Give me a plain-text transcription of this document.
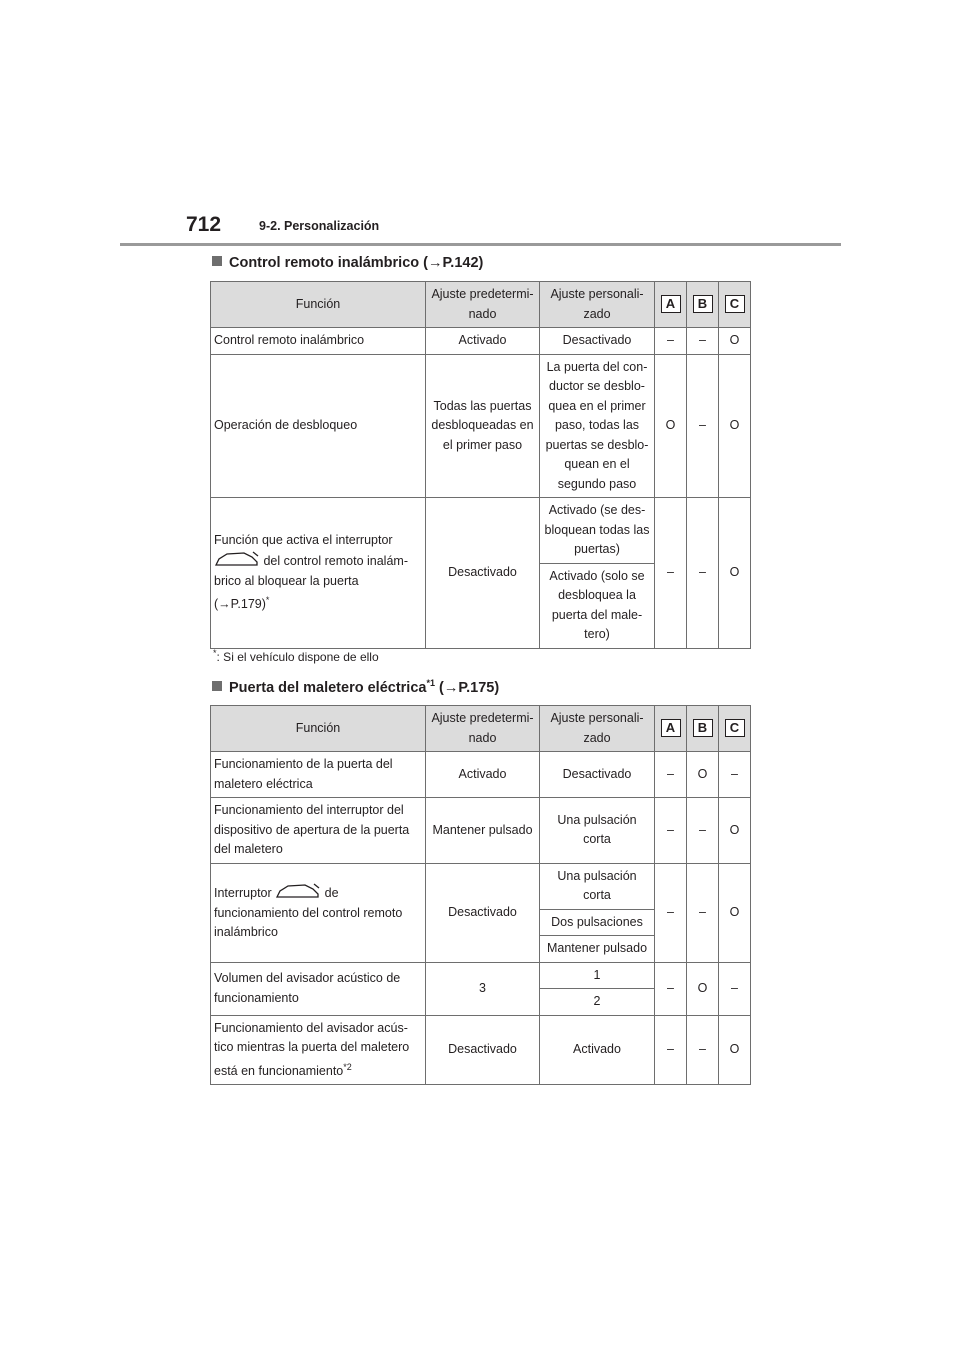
712	9-2. Personalización
Control remoto inalámbrico (→P.142)
Función	Ajuste predetermi-nado	Ajuste personali-zado	A	B	C
Control remoto inalámbrico	Activado	Desactivado	–	–	O
Operación de desbloqueo	Todas las puertas desbloqueadas en el primer paso	La puerta del con-ductor se desblo-quea en el primer paso, todas las puertas se desblo-quean en el segundo paso	O	–	O
Función que activa el interruptor
del control remoto inalám-brico al bloquear la puerta
(→P.179)*	Desactivado	Activado (se des-bloquean todas las puertas)	–	–	O
		Activado (solo se desbloquea la puerta del male-tero)			
*: Si el vehículo dispone de ello
Puerta del maletero eléctrica$^{*1}$ (→P.175)
Función	Ajuste predetermi-nado	Ajuste personali-zado	A	B	C
Funcionamiento de la puerta del maletero eléctrica	Activado	Desactivado	–	O	–
Funcionamiento del interruptor del dispositivo de apertura de la puerta del maletero	Mantener pulsado	Una pulsación corta	–	–	O
Interruptor de funcionamiento del control remoto inalámbrico	Desactivado	Una pulsación corta	–	–	O
		Dos pulsaciones			
		Mantener pulsado			
Volumen del avisador acústico de funcionamiento	3	1	–	O	–
		2			
Funcionamiento del avisador acús-tico mientras la puerta del maletero está en funcionamiento$^{*2}$	Desactivado	Activado	–	–	O
